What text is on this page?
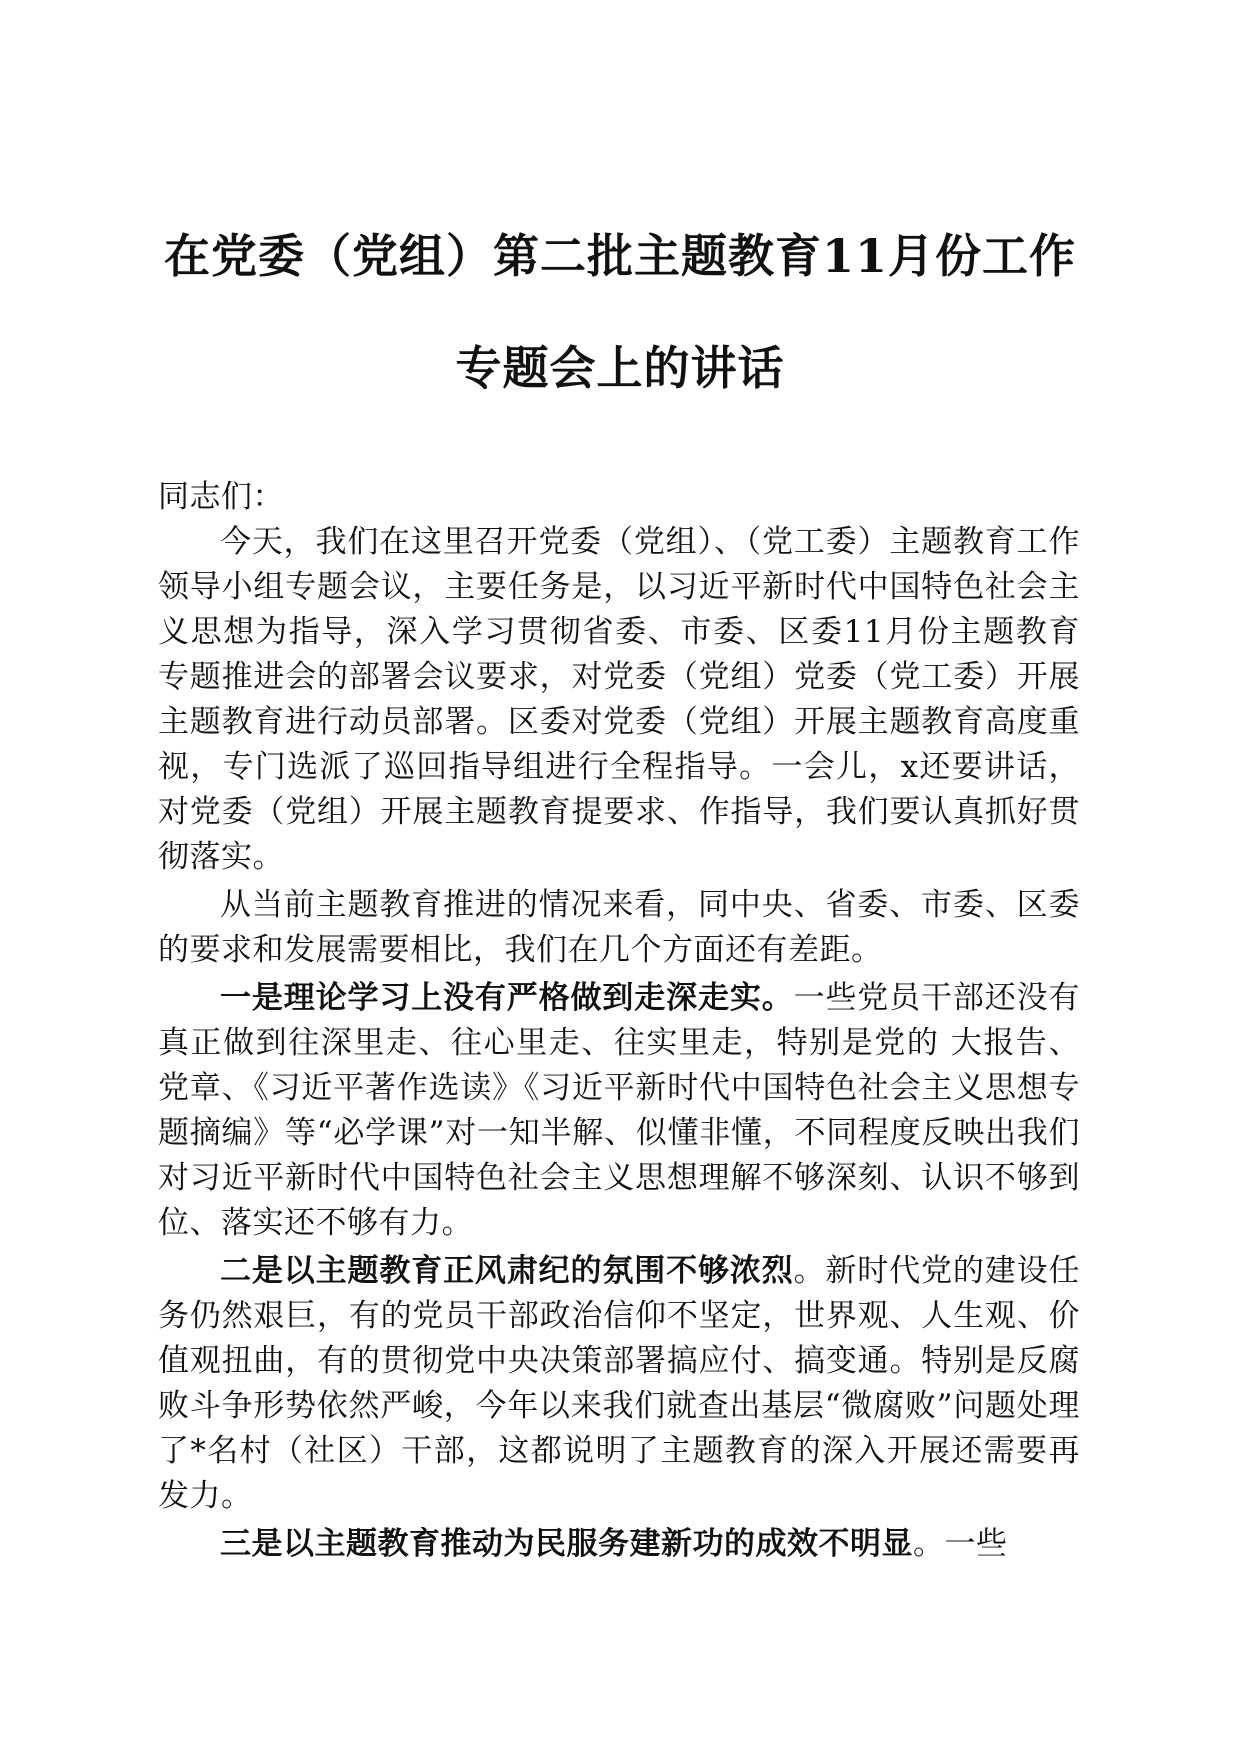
在党委（党组）第二批主题教育11月份工作
专题会上的讲话

同志们：

今天，我们在这里召开党委（党组）、（党工委）主题教育工作领导小组专题会议，主要任务是，以习近平新时代中国特色社会主义思想为指导，深入学习贯彻省委、市委、区委11月份主题教育专题推进会的部署会议要求，对党委（党组）党委（党工委）开展主题教育进行动员部署。区委对党委（党组）开展主题教育高度重视，专门选派了巡回指导组进行全程指导。一会儿，x还要讲话，对党委（党组）开展主题教育提要求、作指导，我们要认真抓好贯彻落实。

从当前主题教育推进的情况来看，同中央、省委、市委、区委的要求和发展需要相比，我们在几个方面还有差距。

一是理论学习上没有严格做到走深走实。一些党员干部还没有真正做到往深里走、往心里走、往实里走，特别是党的 大报告、党章、《习近平著作选读》《习近平新时代中国特色社会主义思想专题摘编》等“必学课”对一知半解、似懂非懂，不同程度反映出我们对习近平新时代中国特色社会主义思想理解不够深刻、认识不够到位、落实还不够有力。

二是以主题教育正风肃纪的氛围不够浓烈。新时代党的建设任务仍然艰巨，有的党员干部政治信仰不坚定，世界观、人生观、价值观扭曲，有的贯彻党中央决策部署搞应付、搞变通。特别是反腐败斗争形势依然严峻，今年以来我们就查出基层“微腐败”问题处理了*名村（社区）干部，这都说明了主题教育的深入开展还需要再发力。

三是以主题教育推动为民服务建新功的成效不明显。一些
